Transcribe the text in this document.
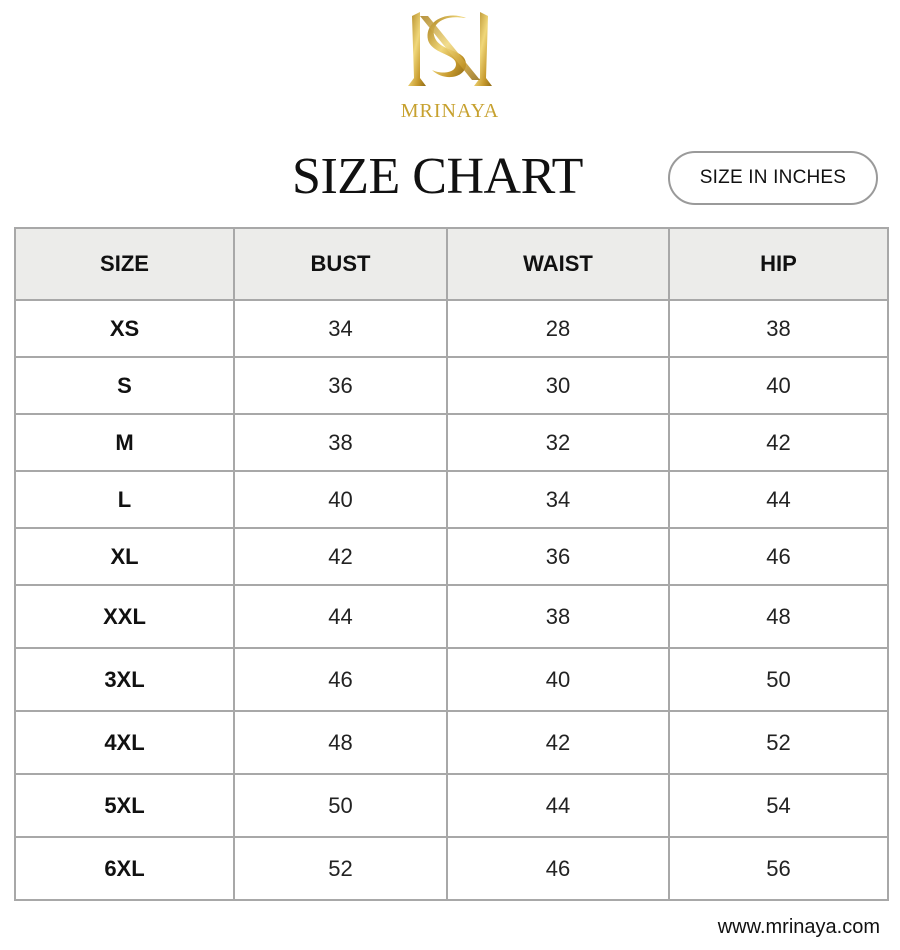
MRINAYA
SIZE CHART	SIZE IN INCHES
SIZE	BUST	WAIST	HIP
XS	34	28	38
S	36	30	40
M	38	32	42
L	40	34	44
XL	42	36	46
XXL	44	38	48
3XL	46	40	50
4XL	48	42	52
5XL	50	44	54
6XL	52	46	56
www.mrinaya.com
